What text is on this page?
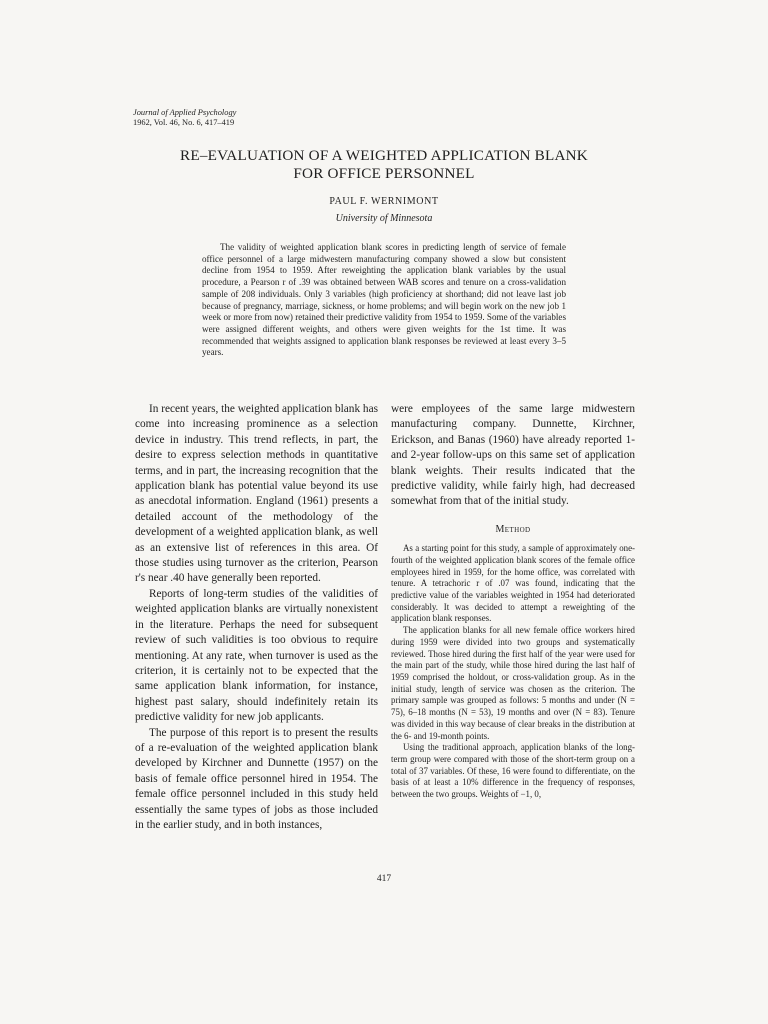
Journal of Applied Psychology
1962, Vol. 46, No. 6, 417–419
RE–EVALUATION OF A WEIGHTED APPLICATION BLANK
FOR OFFICE PERSONNEL
PAUL F. WERNIMONT
University of Minnesota

The validity of weighted application blank scores in predicting length of service of female office personnel of a large midwestern manufacturing company showed a slow but consistent decline from 1954 to 1959. After reweighting the application blank variables by the usual procedure, a Pearson r of .39 was obtained between WAB scores and tenure on a cross-validation sample of 208 individuals. Only 3 variables (high proficiency at shorthand; did not leave last job because of pregnancy, marriage, sickness, or home problems; and will begin work on the new job 1 week or more from now) retained their predictive validity from 1954 to 1959. Some of the variables were assigned different weights, and others were given weights for the 1st time. It was recommended that weights assigned to application blank responses be reviewed at least every 3–5 years.

In recent years, the weighted application blank has come into increasing prominence as a selection device in industry. This trend reflects, in part, the desire to express selection methods in quantitative terms, and in part, the increasing recognition that the application blank has potential value beyond its use as anecdotal information. England (1961) presents a detailed account of the methodology of the development of a weighted application blank, as well as an extensive list of references in this area. Of those studies using turnover as the criterion, Pearson r's near .40 have generally been reported.

Reports of long-term studies of the validities of weighted application blanks are virtually nonexistent in the literature. Perhaps the need for subsequent review of such validities is too obvious to require mentioning. At any rate, when turnover is used as the criterion, it is certainly not to be expected that the same application blank information, for instance, highest past salary, should indefinitely retain its predictive validity for new job applicants.

The purpose of this report is to present the results of a re-evaluation of the weighted application blank developed by Kirchner and Dunnette (1957) on the basis of female office personnel hired in 1954. The female office personnel included in this study held essentially the same types of jobs as those included in the earlier study, and in both instances,

were employees of the same large midwestern manufacturing company. Dunnette, Kirchner, Erickson, and Banas (1960) have already reported 1- and 2-year follow-ups on this same set of application blank weights. Their results indicated that the predictive validity, while fairly high, had decreased somewhat from that of the initial study.

Method

As a starting point for this study, a sample of approximately one-fourth of the weighted application blank scores of the female office employees hired in 1959, for the home office, was correlated with tenure. A tetrachoric r of .07 was found, indicating that the predictive value of the variables weighted in 1954 had deteriorated considerably. It was decided to attempt a reweighting of the application blank responses.

The application blanks for all new female office workers hired during 1959 were divided into two groups and systematically reviewed. Those hired during the first half of the year were used for the main part of the study, while those hired during the last half of 1959 comprised the holdout, or cross-validation group. As in the initial study, length of service was chosen as the criterion. The primary sample was grouped as follows: 5 months and under (N = 75), 6–18 months (N = 53), 19 months and over (N = 83). Tenure was divided in this way because of clear breaks in the distribution at the 6- and 19-month points.

Using the traditional approach, application blanks of the long-term group were compared with those of the short-term group on a total of 37 variables. Of these, 16 were found to differentiate, on the basis of at least a 10% difference in the frequency of responses, between the two groups. Weights of −1, 0,

417
